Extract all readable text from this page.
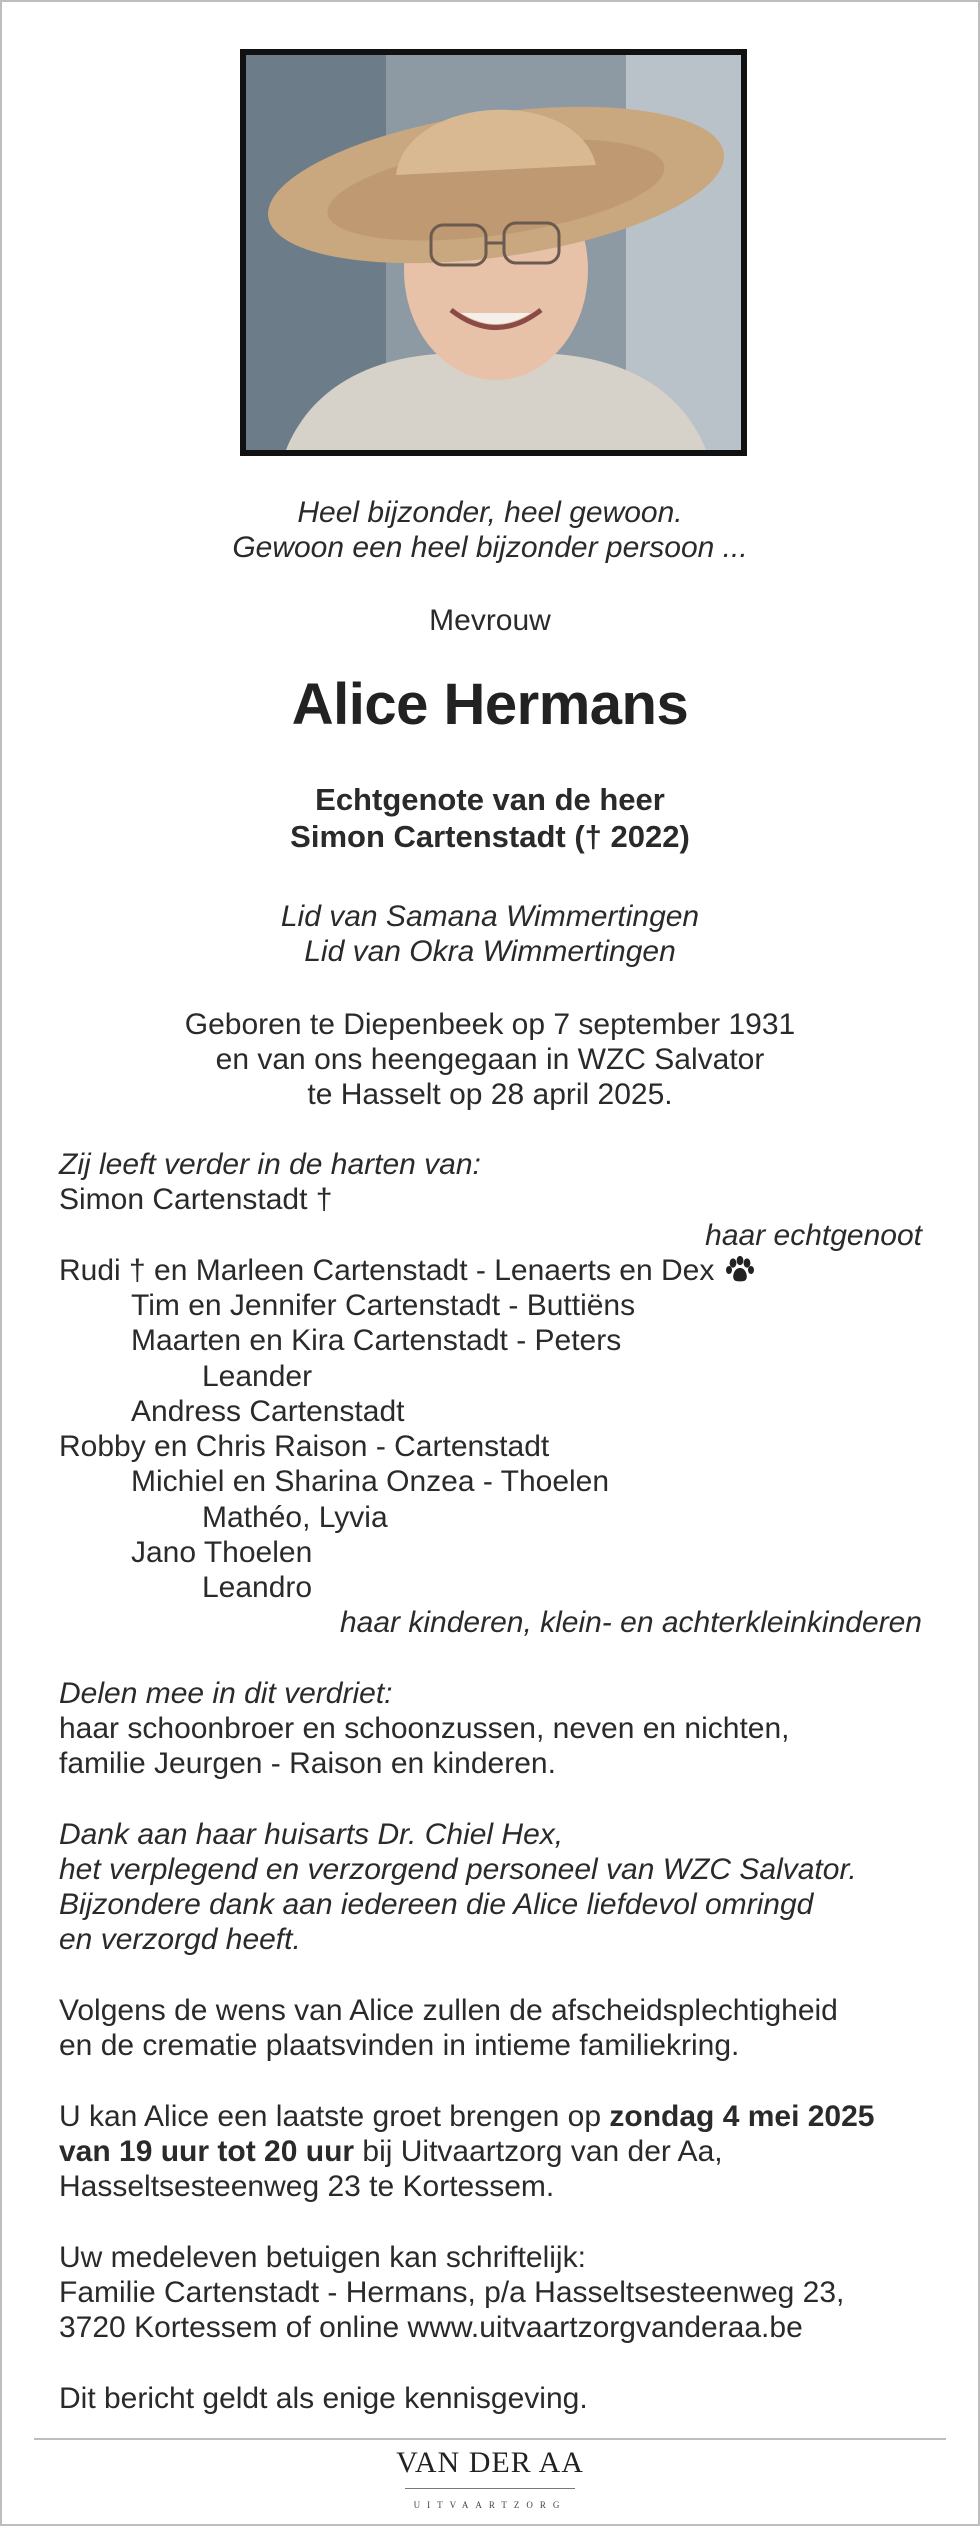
Heel bijzonder, heel gewoon.
Gewoon een heel bijzonder persoon ...
Mevrouw
Alice Hermans
Echtgenote van de heer
Simon Cartenstadt († 2022)
Lid van Samana Wimmertingen
Lid van Okra Wimmertingen
Geboren te Diepenbeek op 7 september 1931
en van ons heengegaan in WZC Salvator
te Hasselt op 28 april 2025.
Zij leeft verder in de harten van:
Simon Cartenstadt †
haar echtgenoot
Rudi † en Marleen Cartenstadt - Lenaerts en Dex
Tim en Jennifer Cartenstadt - Buttiëns
Maarten en Kira Cartenstadt - Peters
Leander
Andress Cartenstadt
Robby en Chris Raison - Cartenstadt
Michiel en Sharina Onzea - Thoelen
Mathéo, Lyvia
Jano Thoelen
Leandro
haar kinderen, klein- en achterkleinkinderen
Delen mee in dit verdriet:
haar schoonbroer en schoonzussen, neven en nichten,
familie Jeurgen - Raison en kinderen.
Dank aan haar huisarts Dr. Chiel Hex,
het verplegend en verzorgend personeel van WZC Salvator.
Bijzondere dank aan iedereen die Alice liefdevol omringd
en verzorgd heeft.
Volgens de wens van Alice zullen de afscheidsplechtigheid
en de crematie plaatsvinden in intieme familiekring.
U kan Alice een laatste groet brengen op zondag 4 mei 2025
van 19 uur tot 20 uur bij Uitvaartzorg van der Aa,
Hasseltsesteenweg 23 te Kortessem.
Uw medeleven betuigen kan schriftelijk:
Familie Cartenstadt - Hermans, p/a Hasseltsesteenweg 23,
3720 Kortessem of online www.uitvaartzorgvanderaa.be
Dit bericht geldt als enige kennisgeving.
VAN DER AA
UITVAARTZORG
